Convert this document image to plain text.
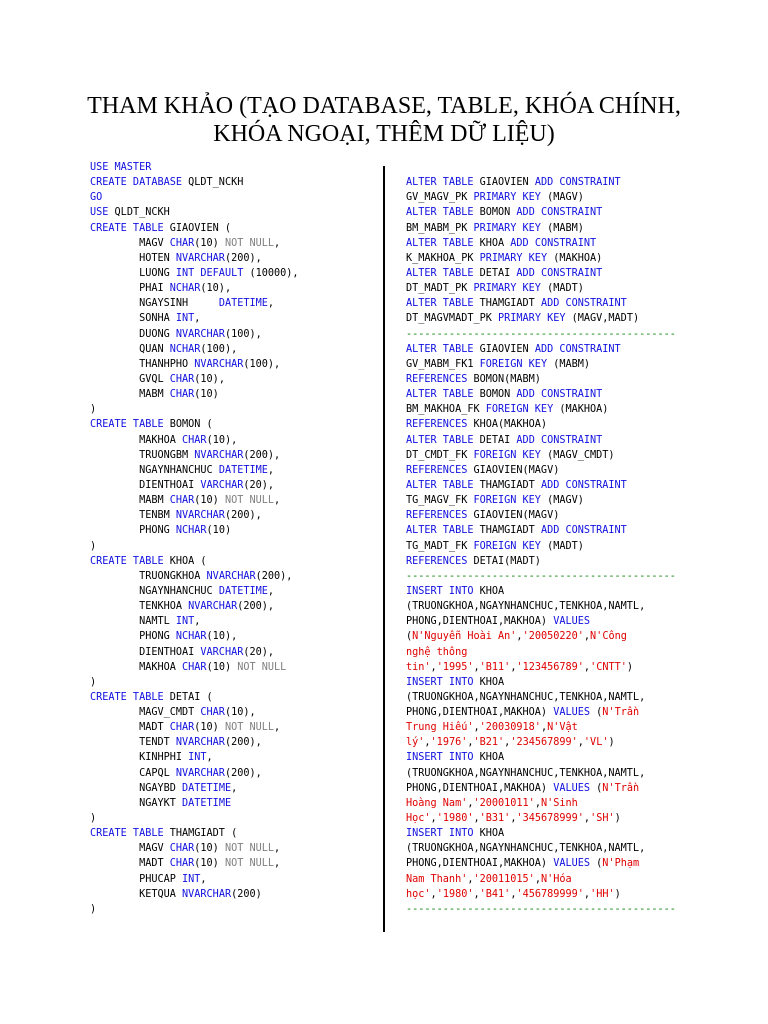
THAM KHẢO (TẠO DATABASE, TABLE, KHÓA CHÍNH,
KHÓA NGOẠI, THÊM DỮ LIỆU)
USE MASTER
CREATE DATABASE QLDT_NCKH
GO
USE QLDT_NCKH
CREATE TABLE GIAOVIEN (
MAGV CHAR(10) NOT NULL,
HOTEN NVARCHAR(200),
LUONG INT DEFAULT (10000),
PHAI NCHAR(10),
NGAYSINH     DATETIME,
SONHA INT,
DUONG NVARCHAR(100),
QUAN NCHAR(100),
THANHPHO NVARCHAR(100),
GVQL CHAR(10),
MABM CHAR(10)
)
CREATE TABLE BOMON (
MAKHOA CHAR(10),
TRUONGBM NVARCHAR(200),
NGAYNHANCHUC DATETIME,
DIENTHOAI VARCHAR(20),
MABM CHAR(10) NOT NULL,
TENBM NVARCHAR(200),
PHONG NCHAR(10)
)
CREATE TABLE KHOA (
TRUONGKHOA NVARCHAR(200),
NGAYNHANCHUC DATETIME,
TENKHOA NVARCHAR(200),
NAMTL INT,
PHONG NCHAR(10),
DIENTHOAI VARCHAR(20),
MAKHOA CHAR(10) NOT NULL
)
CREATE TABLE DETAI (
MAGV_CMDT CHAR(10),
MADT CHAR(10) NOT NULL,
TENDT NVARCHAR(200),
KINHPHI INT,
CAPQL NVARCHAR(200),
NGAYBD DATETIME,
NGAYKT DATETIME
)
CREATE TABLE THAMGIADT (
MAGV CHAR(10) NOT NULL,
MADT CHAR(10) NOT NULL,
PHUCAP INT,
KETQUA NVARCHAR(200)
)
ALTER TABLE GIAOVIEN ADD CONSTRAINT
GV_MAGV_PK PRIMARY KEY (MAGV)
ALTER TABLE BOMON ADD CONSTRAINT
BM_MABM_PK PRIMARY KEY (MABM)
ALTER TABLE KHOA ADD CONSTRAINT
K_MAKHOA_PK PRIMARY KEY (MAKHOA)
ALTER TABLE DETAI ADD CONSTRAINT
DT_MADT_PK PRIMARY KEY (MADT)
ALTER TABLE THAMGIADT ADD CONSTRAINT
DT_MAGVMADT_PK PRIMARY KEY (MAGV,MADT)
--------------------------------------------
ALTER TABLE GIAOVIEN ADD CONSTRAINT
GV_MABM_FK1 FOREIGN KEY (MABM)
REFERENCES BOMON(MABM)
ALTER TABLE BOMON ADD CONSTRAINT
BM_MAKHOA_FK FOREIGN KEY (MAKHOA)
REFERENCES KHOA(MAKHOA)
ALTER TABLE DETAI ADD CONSTRAINT
DT_CMDT_FK FOREIGN KEY (MAGV_CMDT)
REFERENCES GIAOVIEN(MAGV)
ALTER TABLE THAMGIADT ADD CONSTRAINT
TG_MAGV_FK FOREIGN KEY (MAGV)
REFERENCES GIAOVIEN(MAGV)
ALTER TABLE THAMGIADT ADD CONSTRAINT
TG_MADT_FK FOREIGN KEY (MADT)
REFERENCES DETAI(MADT)
--------------------------------------------
INSERT INTO KHOA
(TRUONGKHOA,NGAYNHANCHUC,TENKHOA,NAMTL,
PHONG,DIENTHOAI,MAKHOA) VALUES
(N'Nguyễn Hoài An','20050220',N'Công
nghệ thông
tin','1995','B11','123456789','CNTT')
INSERT INTO KHOA
(TRUONGKHOA,NGAYNHANCHUC,TENKHOA,NAMTL,
PHONG,DIENTHOAI,MAKHOA) VALUES (N'Trần
Trung Hiếu','20030918',N'Vật
lý','1976','B21','234567899','VL')
INSERT INTO KHOA
(TRUONGKHOA,NGAYNHANCHUC,TENKHOA,NAMTL,
PHONG,DIENTHOAI,MAKHOA) VALUES (N'Trần
Hoàng Nam','20001011',N'Sinh
Học','1980','B31','345678999','SH')
INSERT INTO KHOA
(TRUONGKHOA,NGAYNHANCHUC,TENKHOA,NAMTL,
PHONG,DIENTHOAI,MAKHOA) VALUES (N'Phạm
Nam Thanh','20011015',N'Hóa
học','1980','B41','456789999','HH')
--------------------------------------------
